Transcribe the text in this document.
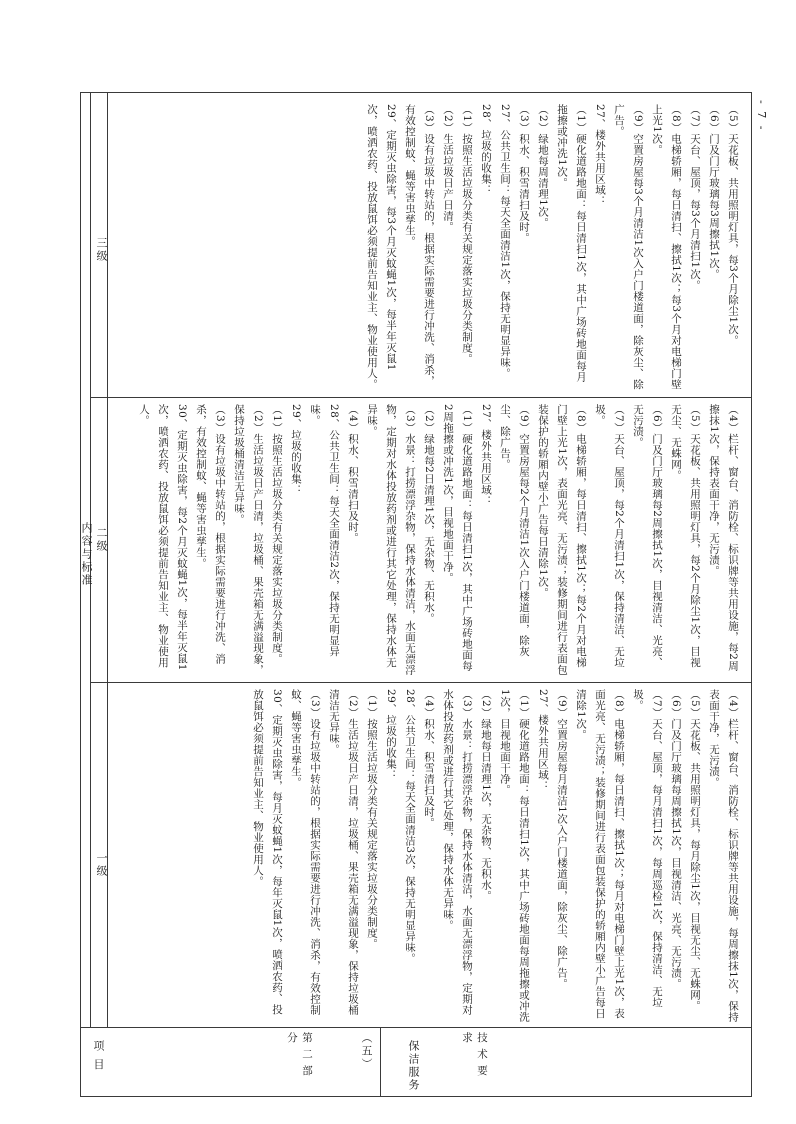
- 7 -
内容与标准
三级
二级
一级
项 目
（5）天花板、共用照明灯具，每3个月除尘1次。
（6）门及门厅玻璃每3周擦拭1次。
（7）天台、屋顶，每3个月清扫1次。
（8）电梯轿厢，每日清扫、擦拭1次；每3个月对电梯门壁上光1次。
（9）空置房屋每3个月清洁1次入户门楼道面，除灰尘、除广告。
27、楼外共用区域：
（1）硬化道路地面：每日清扫1次，其中广场砖地面每月拖擦或冲洗1次。
（2）绿地每周清理1次。
（3）积水、积雪清扫及时。
27、公共卫生间：每天全面清洁1次，保持无明显异味。
28、垃圾的收集：
（1）按照生活垃圾分类有关规定落实垃圾分类制度。
（2）生活垃圾日产日清。
（3）设有垃圾中转站的，根据实际需要进行冲洗、消杀，有效控制蚊、蝇等害虫孳生。
29、定期灭虫除害，每3个月灭蚊蝇1次，每半年灭鼠1次，喷洒农药、投放鼠饵必须提前告知业主、物业使用人。
（4）栏杆、窗台、消防栓、标识牌等共用设施，每2周擦抹1次，保持表面干净，无污渍。
（5）天花板、共用照明灯具，每2个月除尘1次，目视无尘、无蛛网。
（6）门及门厅玻璃每2周擦拭1次，目视清洁、光亮、无污渍。
（7）天台、屋顶，每2个月清扫1次，保持清洁、无垃圾。
（8）电梯轿厢，每日清扫、擦拭1次；每2个月对电梯门壁上光1次，表面光亮、无污渍；装修期间进行表面包装保护的轿厢内壁小广告每日清除1次。
（9）空置房屋每2个月清洁1次入户门楼道面，除灰尘、除广告。
27、楼外共用区域：
（1）硬化道路地面：每日清扫1次，其中广场砖地面每2周拖擦或冲洗1次，目视地面干净。
（2）绿地每2日清理1次，无杂物、无积水。
（3）水景：打捞漂浮杂物，保持水体清洁，水面无漂浮物，定期对水体投放药剂或进行其它处理，保持水体无异味。
（4）积水、积雪清扫及时。
28、公共卫生间：每天全面清洁2次，保持无明显异味。
29、垃圾的收集：
（1）按照生活垃圾分类有关规定落实垃圾分类制度。
（2）生活垃圾日产日清，垃圾桶、果壳箱无满溢现象，保持垃圾桶清洁无异味。
（3）设有垃圾中转站的，根据实际需要进行冲洗、消杀，有效控制蚊、蝇等害虫孳生。
30、定期灭虫除害，每2个月灭蚊蝇1次，每半年灭鼠1次，喷洒农药、投放鼠饵必须提前告知业主、物业使用人。
（4）栏杆、窗台、消防栓、标识牌等共用设施，每周擦抹1次，保持表面干净，无污渍。
（5）天花板、共用照明灯具，每月除尘1次，目视无尘、无蛛网。
（6）门及门厅玻璃每周擦拭1次，目视清洁、光亮、无污渍。
（7）天台、屋顶，每月清扫1次，每周巡检1次，保持清洁、无垃圾。
（8）电梯轿厢，每日清扫、擦拭1次；每月对电梯门壁上光1次，表面光亮、无污渍；装修期间进行表面包装保护的轿厢内壁小广告每日清除1次。
（9）空置房屋每月清洁1次入户门楼道面，除灰尘、除广告。
27、楼外共用区域：
（1）硬化道路地面：每日清扫1次，其中广场砖地面每周拖擦或冲洗1次，目视地面干净。
（2）绿地每日清理1次，无杂物、无积水。
（3）水景：打捞漂浮杂物，保持水体清洁，水面无漂浮物，定期对水体投放药剂或进行其它处理，保持水体无异味。
（4）积水、积雪清扫及时。
28、公共卫生间：每天全面清洁3次，保持无明显异味。
29、垃圾的收集：
（1）按照生活垃圾分类有关规定落实垃圾分类制度。
（2）生活垃圾日产日清，垃圾桶、果壳箱无满溢现象，保持垃圾桶清洁无异味。
（3）设有垃圾中转站的，根据实际需要进行冲洗、消杀，有效控制蚊、蝇等害虫孳生。
30、定期灭虫除害，每月灭蚊蝇1次，每年灭鼠1次，喷洒农药、投放鼠饵必须提前告知业主、物业使用人。
第二部分	技术要求
（五）	保洁服务
